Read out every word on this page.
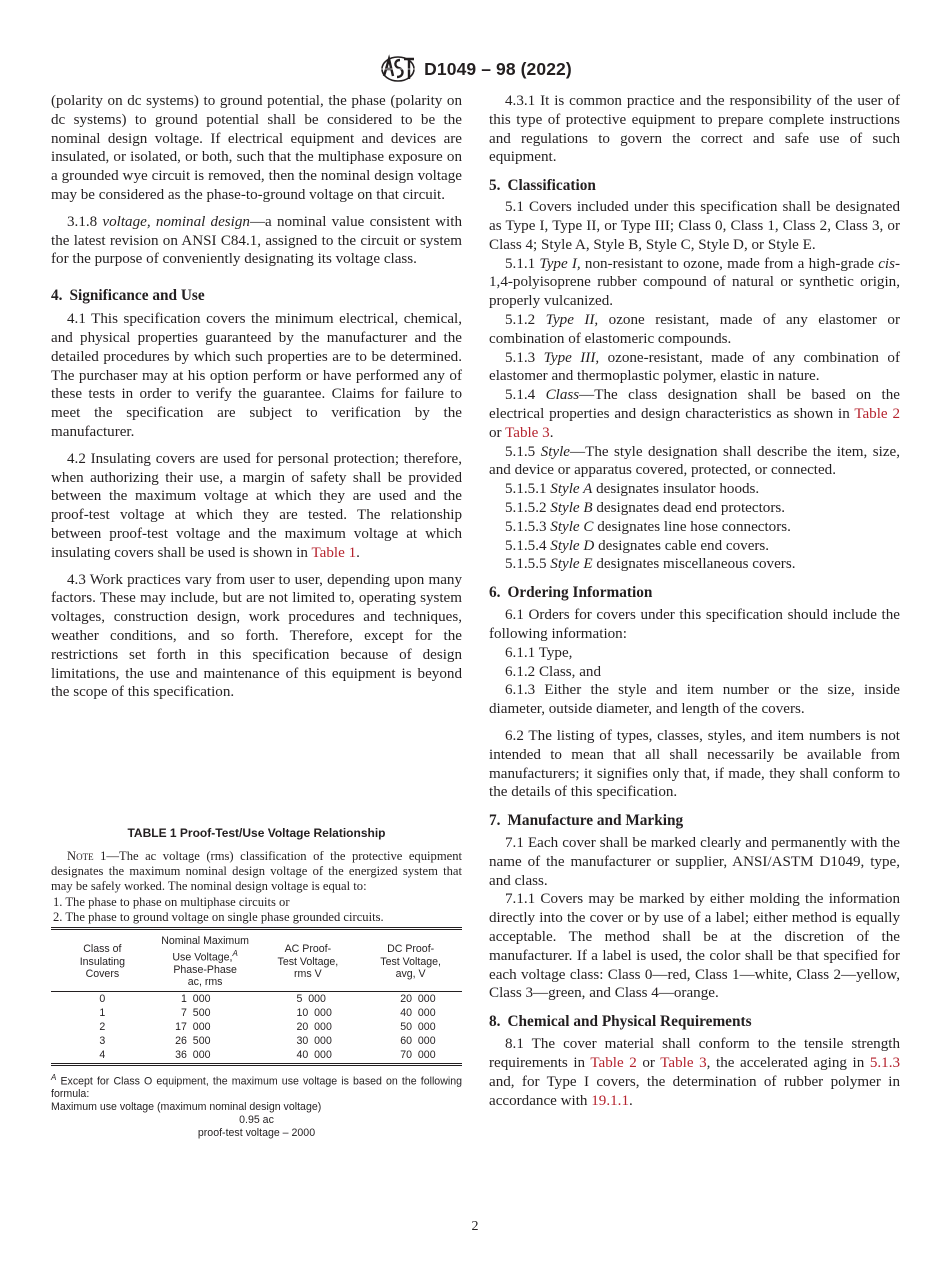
D1049 – 98 (2022)

(polarity on dc systems) to ground potential, the phase (polarity on dc systems) to ground potential shall be considered to be the nominal design voltage. If electrical equipment and devices are insulated, or isolated, or both, such that the multiphase exposure on a grounded wye circuit is removed, then the nominal design voltage may be considered as the phase-to-ground voltage on that circuit.

3.1.8 voltage, nominal design—a nominal value consistent with the latest revision on ANSI C84.1, assigned to the circuit or system for the purpose of conveniently designating its voltage class.

4. Significance and Use

4.1 This specification covers the minimum electrical, chemical, and physical properties guaranteed by the manufacturer and the detailed procedures by which such properties are to be determined. The purchaser may at his option perform or have performed any of these tests in order to verify the guarantee. Claims for failure to meet the specification are subject to verification by the manufacturer.

4.2 Insulating covers are used for personal protection; therefore, when authorizing their use, a margin of safety shall be provided between the maximum voltage at which they are used and the proof-test voltage at which they are tested. The relationship between proof-test voltage and the maximum voltage at which insulating covers shall be used is shown in Table 1.

4.3 Work practices vary from user to user, depending upon many factors. These may include, but are not limited to, operating system voltages, construction design, work procedures and techniques, weather conditions, and so forth. Therefore, except for the restrictions set forth in this specification because of design limitations, the use and maintenance of this equipment is beyond the scope of this specification.

TABLE 1 Proof-Test/Use Voltage Relationship

Note 1—The ac voltage (rms) classification of the protective equipment designates the maximum nominal design voltage of the energized system that may be safely worked. The nominal design voltage is equal to:

1. The phase to phase on multiphase circuits or

2. The phase to ground voltage on single phase grounded circuits.

Class of
Insulating
Covers

Nominal Maximum
Use Voltage,$^A$
Phase-Phase
ac, rms

AC Proof-
Test Voltage,
rms V

DC Proof-
Test Voltage,
avg, V

0	1  000	5  000	20  000
1	7  500	10  000	40  000
2	17  000	20  000	50  000
3	26  500	30  000	60  000
4	36  000	40  000	70  000
$^A$ Except for Class O equipment, the maximum use voltage is based on the following formula:
Maximum use voltage (maximum nominal design voltage)
0.95 ac
proof-test voltage – 2000

4.3.1 It is common practice and the responsibility of the user of this type of protective equipment to prepare complete instructions and regulations to govern the correct and safe use of such equipment.

5. Classification

5.1 Covers included under this specification shall be designated as Type I, Type II, or Type III; Class 0, Class 1, Class 2, Class 3, or Class 4; Style A, Style B, Style C, Style D, or Style E.

5.1.1 Type I, non-resistant to ozone, made from a high-grade cis-1,4-polyisoprene rubber compound of natural or synthetic origin, properly vulcanized.

5.1.2 Type II, ozone resistant, made of any elastomer or combination of elastomeric compounds.

5.1.3 Type III, ozone-resistant, made of any combination of elastomer and thermoplastic polymer, elastic in nature.

5.1.4 Class—The class designation shall be based on the electrical properties and design characteristics as shown in Table 2 or Table 3.

5.1.5 Style—The style designation shall describe the item, size, and device or apparatus covered, protected, or connected.

5.1.5.1 Style A designates insulator hoods.

5.1.5.2 Style B designates dead end protectors.

5.1.5.3 Style C designates line hose connectors.

5.1.5.4 Style D designates cable end covers.

5.1.5.5 Style E designates miscellaneous covers.

6. Ordering Information

6.1 Orders for covers under this specification should include the following information:

6.1.1 Type,

6.1.2 Class, and

6.1.3 Either the style and item number or the size, inside diameter, outside diameter, and length of the covers.

6.2 The listing of types, classes, styles, and item numbers is not intended to mean that all shall necessarily be available from manufacturers; it signifies only that, if made, they shall conform to the details of this specification.

7. Manufacture and Marking

7.1 Each cover shall be marked clearly and permanently with the name of the manufacturer or supplier, ANSI/ASTM D1049, type, and class.

7.1.1 Covers may be marked by either molding the information directly into the cover or by use of a label; either method is equally acceptable. The method shall be at the discretion of the manufacturer. If a label is used, the color shall be that specified for each voltage class: Class 0—red, Class 1—white, Class 2—yellow, Class 3—green, and Class 4—orange.

8. Chemical and Physical Requirements

8.1 The cover material shall conform to the tensile strength requirements in Table 2 or Table 3, the accelerated aging in 5.1.3 and, for Type I covers, the determination of rubber polymer in accordance with 19.1.1.

2
